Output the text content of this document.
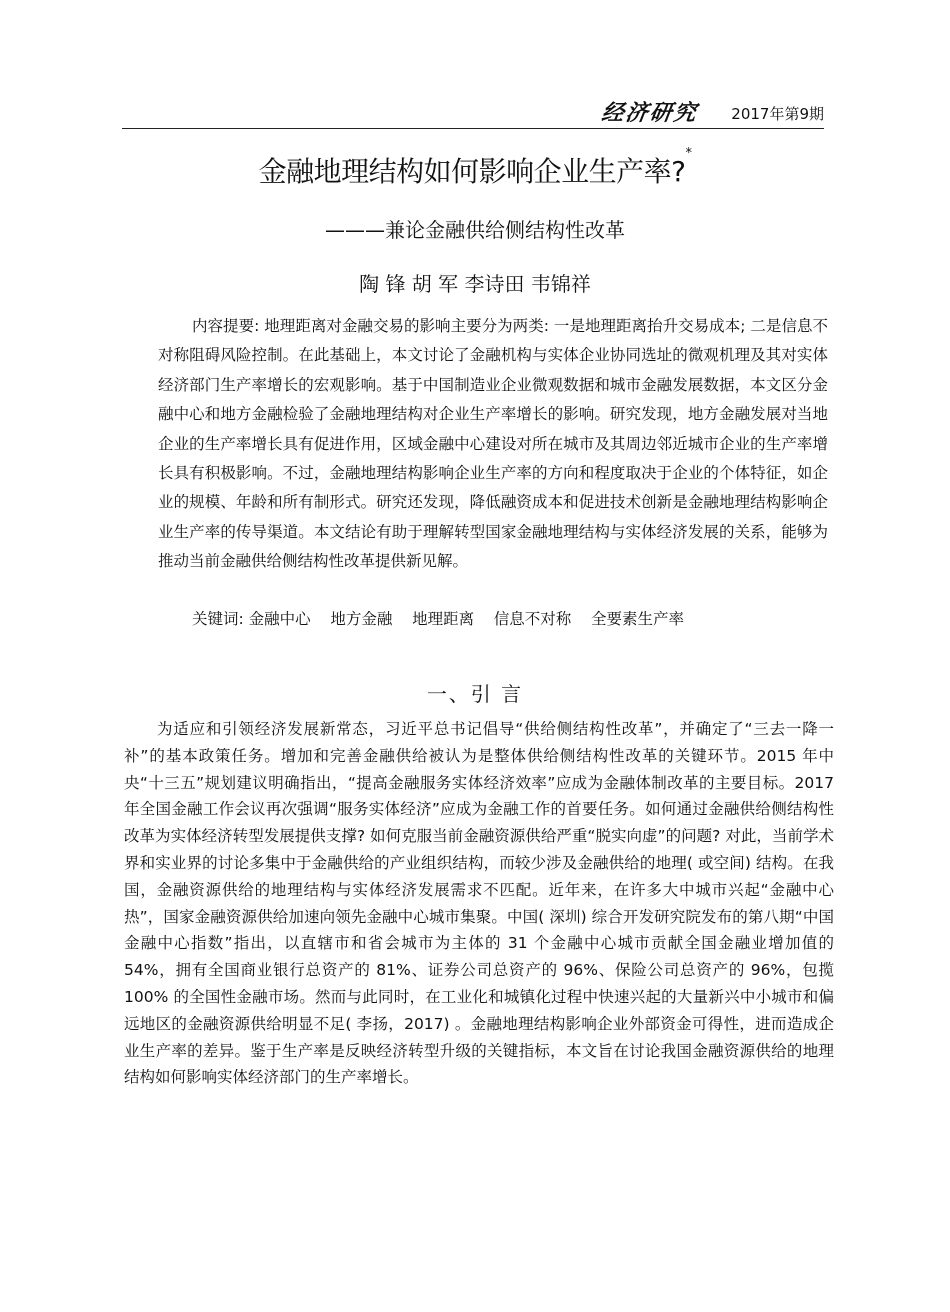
经济研究 2017年第9期
金融地理结构如何影响企业生产率?*
———兼论金融供给侧结构性改革
陶 锋 胡 军 李诗田 韦锦祥

内容提要: 地理距离对金融交易的影响主要分为两类: 一是地理距离抬升交易成本; 二是信息不对称阻碍风险控制。在此基础上，本文讨论了金融机构与实体企业协同选址的微观机理及其对实体经济部门生产率增长的宏观影响。基于中国制造业企业微观数据和城市金融发展数据，本文区分金融中心和地方金融检验了金融地理结构对企业生产率增长的影响。研究发现，地方金融发展对当地企业的生产率增长具有促进作用，区域金融中心建设对所在城市及其周边邻近城市企业的生产率增长具有积极影响。不过，金融地理结构影响企业生产率的方向和程度取决于企业的个体特征，如企业的规模、年龄和所有制形式。研究还发现，降低融资成本和促进技术创新是金融地理结构影响企业生产率的传导渠道。本文结论有助于理解转型国家金融地理结构与实体经济发展的关系，能够为推动当前金融供给侧结构性改革提供新见解。

关键词: 金融中心    地方金融    地理距离    信息不对称    全要素生产率
一、引 言

为适应和引领经济发展新常态，习近平总书记倡导“供给侧结构性改革”，并确定了“三去一降一补”的基本政策任务。增加和完善金融供给被认为是整体供给侧结构性改革的关键环节。2015 年中央“十三五”规划建议明确指出，“提高金融服务实体经济效率”应成为金融体制改革的主要目标。2017 年全国金融工作会议再次强调“服务实体经济”应成为金融工作的首要任务。如何通过金融供给侧结构性改革为实体经济转型发展提供支撑? 如何克服当前金融资源供给严重“脱实向虚”的问题? 对此，当前学术界和实业界的讨论多集中于金融供给的产业组织结构，而较少涉及金融供给的地理( 或空间) 结构。在我国，金融资源供给的地理结构与实体经济发展需求不匹配。近年来，在许多大中城市兴起“金融中心热”，国家金融资源供给加速向领先金融中心城市集聚。中国( 深圳) 综合开发研究院发布的第八期“中国金融中心指数”指出，以直辖市和省会城市为主体的 31 个金融中心城市贡献全国金融业增加值的 54%，拥有全国商业银行总资产的 81%、证券公司总资产的 96%、保险公司总资产的 96%，包揽 100% 的全国性金融市场。然而与此同时，在工业化和城镇化过程中快速兴起的大量新兴中小城市和偏远地区的金融资源供给明显不足( 李扬，2017) 。金融地理结构影响企业外部资金可得性，进而造成企业生产率的差异。鉴于生产率是反映经济转型升级的关键指标，本文旨在讨论我国金融资源供给的地理结构如何影响实体经济部门的生产率增长。
